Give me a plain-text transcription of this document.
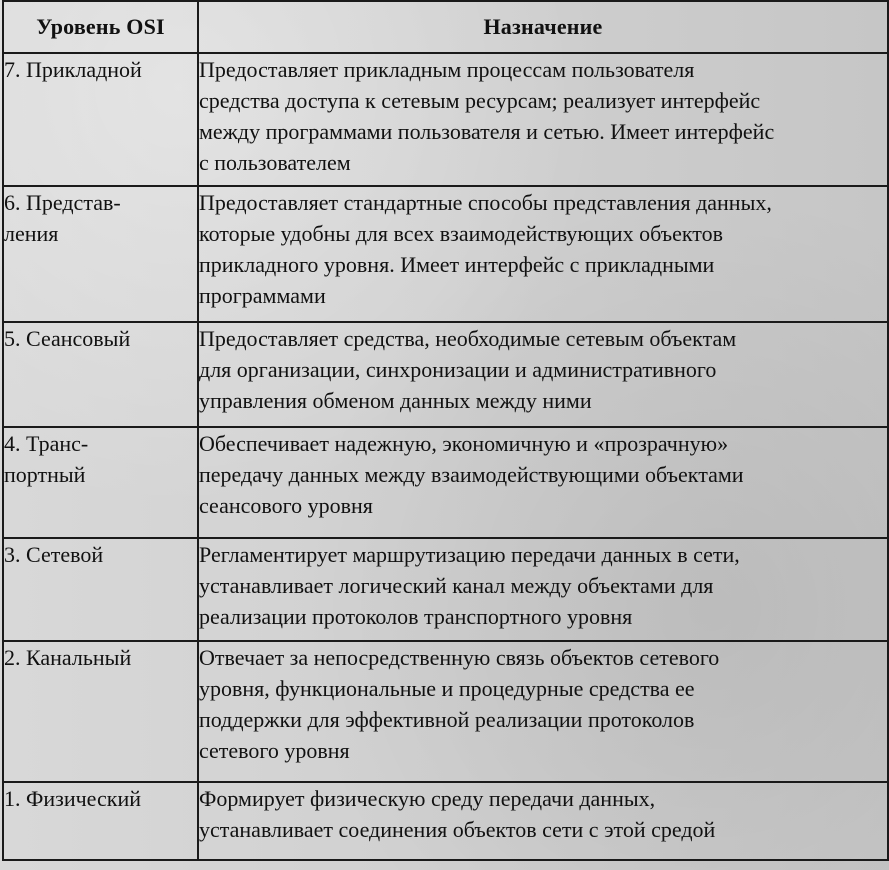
Уровень OSI	Назначение

7. Прикладной	Предоставляет прикладным процессам пользователя
средства доступа к сетевым ресурсам; реализует интерфейс
между программами пользователя и сетью. Имеет интерфейс
с пользователем

6. Представ-
ления	Предоставляет стандартные способы представления данных,
которые удобны для всех взаимодействующих объектов
прикладного уровня. Имеет интерфейс с прикладными
программами

5. Сеансовый	Предоставляет средства, необходимые сетевым объектам
для организации, синхронизации и административного
управления обменом данных между ними

4. Транс-
портный	Обеспечивает надежную, экономичную и «прозрачную»
передачу данных между взаимодействующими объектами
сеансового уровня

3. Сетевой	Регламентирует маршрутизацию передачи данных в сети,
устанавливает логический канал между объектами для
реализации протоколов транспортного уровня

2. Канальный	Отвечает за непосредственную связь объектов сетевого
уровня, функциональные и процедурные средства ее
поддержки для эффективной реализации протоколов
сетевого уровня

1. Физический	Формирует физическую среду передачи данных,
устанавливает соединения объектов сети с этой средой
